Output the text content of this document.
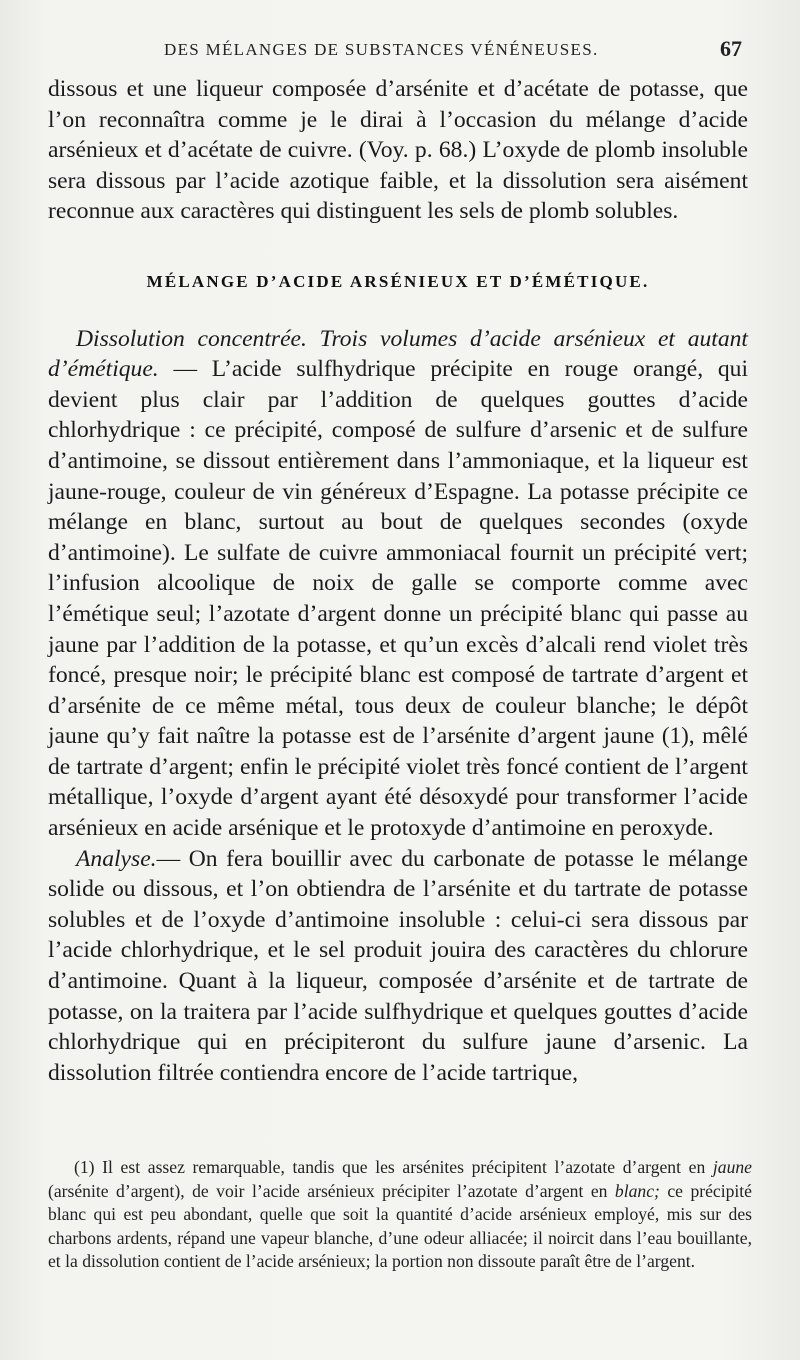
DES MÉLANGES DE SUBSTANCES VÉNÉNEUSES.	67

dissous et une liqueur composée d’arsénite et d’acétate de potasse, que l’on reconnaîtra comme je le dirai à l’occasion du mélange d’acide arsénieux et d’acétate de cuivre. (Voy. p. 68.) L’oxyde de plomb insoluble sera dissous par l’acide azotique faible, et la dissolution sera aisément reconnue aux caractères qui distinguent les sels de plomb solubles.

MÉLANGE D’ACIDE ARSÉNIEUX ET D’ÉMÉTIQUE.

Dissolution concentrée. Trois volumes d’acide arsénieux et autant d’émétique. — L’acide sulfhydrique précipite en rouge orangé, qui devient plus clair par l’addition de quelques gouttes d’acide chlorhydrique : ce précipité, composé de sulfure d’arsenic et de sulfure d’antimoine, se dissout entièrement dans l’ammoniaque, et la liqueur est jaune-rouge, couleur de vin généreux d’Espagne. La potasse précipite ce mélange en blanc, surtout au bout de quelques secondes (oxyde d’antimoine). Le sulfate de cuivre ammoniacal fournit un précipité vert; l’infusion alcoolique de noix de galle se comporte comme avec l’émétique seul; l’azotate d’argent donne un précipité blanc qui passe au jaune par l’addition de la potasse, et qu’un excès d’alcali rend violet très foncé, presque noir; le précipité blanc est composé de tartrate d’argent et d’arsénite de ce même métal, tous deux de couleur blanche; le dépôt jaune qu’y fait naître la potasse est de l’arsénite d’argent jaune (1), mêlé de tartrate d’argent; enfin le précipité violet très foncé contient de l’argent métallique, l’oxyde d’argent ayant été désoxydé pour transformer l’acide arsénieux en acide arsénique et le protoxyde d’antimoine en peroxyde.

Analyse.— On fera bouillir avec du carbonate de potasse le mélange solide ou dissous, et l’on obtiendra de l’arsénite et du tartrate de potasse solubles et de l’oxyde d’antimoine insoluble : celui-ci sera dissous par l’acide chlorhydrique, et le sel produit jouira des caractères du chlorure d’antimoine. Quant à la liqueur, composée d’arsénite et de tartrate de potasse, on la traitera par l’acide sulfhydrique et quelques gouttes d’acide chlorhydrique qui en précipiteront du sulfure jaune d’arsenic. La dissolution filtrée contiendra encore de l’acide tartrique,

(1) Il est assez remarquable, tandis que les arsénites précipitent l’azotate d’argent en jaune (arsénite d’argent), de voir l’acide arsénieux précipiter l’azotate d’argent en blanc; ce précipité blanc qui est peu abondant, quelle que soit la quantité d’acide arsénieux employé, mis sur des charbons ardents, répand une vapeur blanche, d’une odeur alliacée; il noircit dans l’eau bouillante, et la dissolution contient de l’acide arsénieux; la portion non dissoute paraît être de l’argent.
